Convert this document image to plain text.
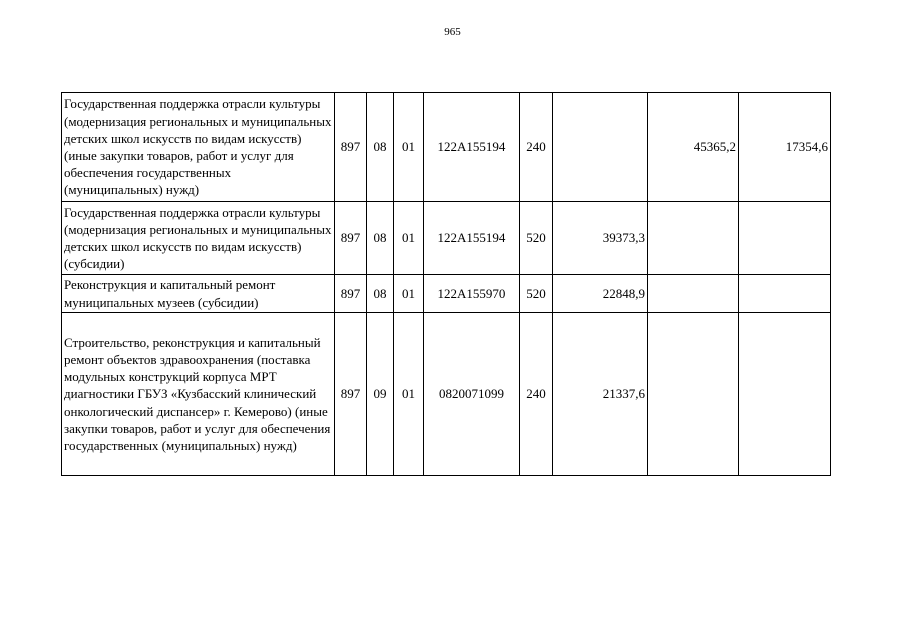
965
Государственная поддержка отрасли культуры (модернизация региональных и муниципальных детских школ искусств по видам искусств) (иные закупки товаров, работ и услуг для обеспечения государственных (муниципальных) нужд)	897	08	01	122A155194	240		45365,2	17354,6
Государственная поддержка отрасли культуры (модернизация региональных и муниципальных детских школ искусств по видам искусств) (субсидии)	897	08	01	122A155194	520	39373,3		
Реконструкция и капитальный ремонт муниципальных музеев (субсидии)	897	08	01	122A155970	520	22848,9		
Строительство, реконструкция и капитальный ремонт объектов здравоохранения (поставка модульных конструкций корпуса МРТ диагностики ГБУЗ «Кузбасский клинический онкологический диспансер» г. Кемерово) (иные закупки товаров, работ и услуг для обеспечения государственных (муниципальных) нужд)	897	09	01	0820071099	240	21337,6		
